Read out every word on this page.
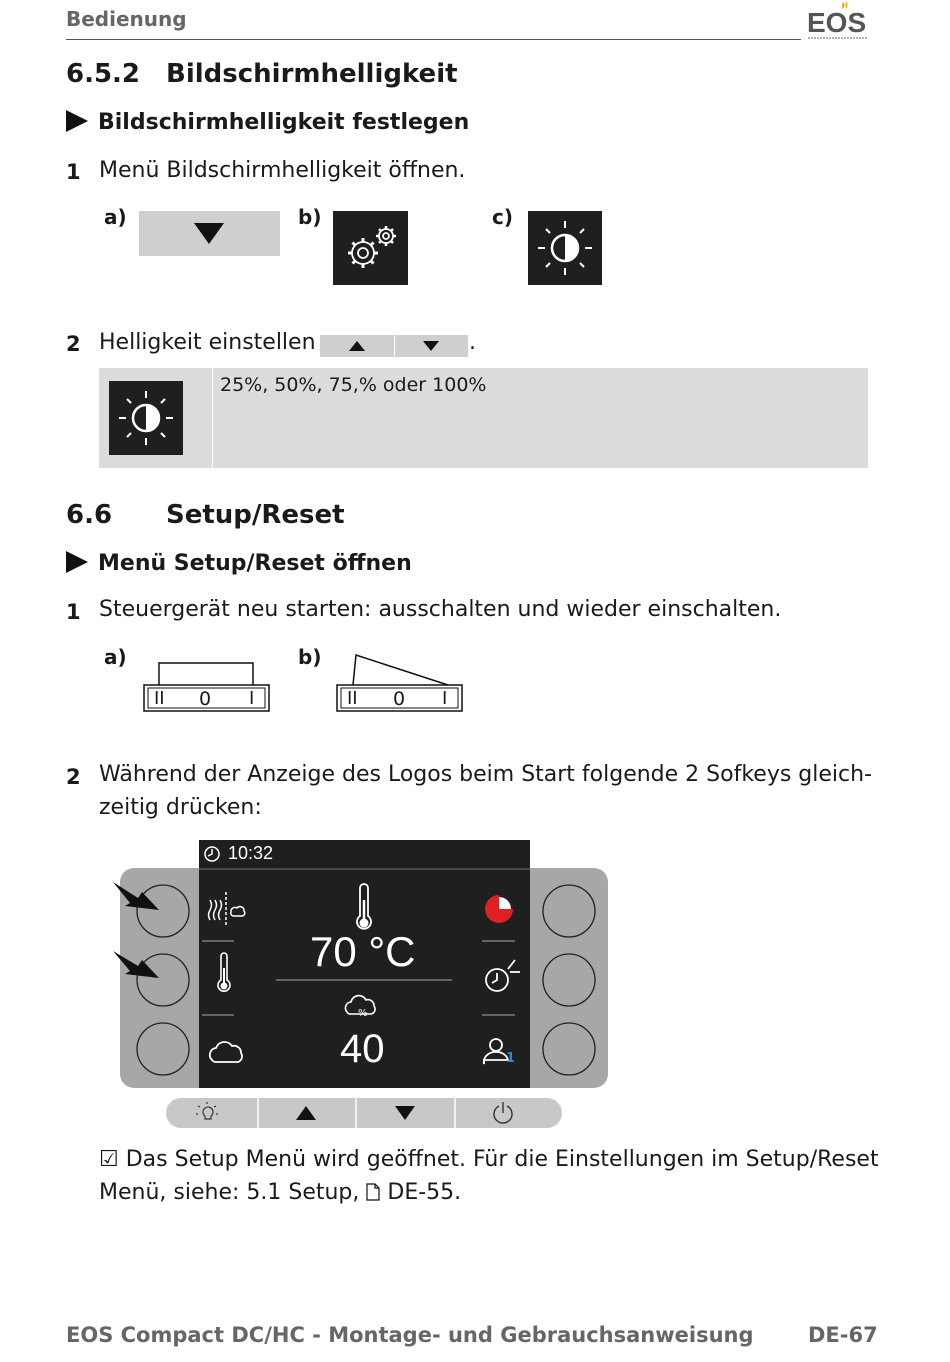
Bedienung	EOS
6.5.2 Bildschirmhelligkeit
Bildschirmhelligkeit festlegen
1 Menü Bildschirmhelligkeit öffnen.
a)	b)	c)
2 Helligkeit einstellen	.
25%, 50%, 75,% oder 100%
6.6 Setup/Reset
Menü Setup/Reset öffnen
1 Steuergerät neu starten: ausschalten und wieder einschalten.
a)
II 0 I
b)
II 0 I
2 Während der Anzeige des Logos beim Start folgende 2 Sofkeys gleich-
zeitig drücken:
10:32
70 °C
40
%
1
☑ Das Setup Menü wird geöffnet. Für die Einstellungen im Setup/Reset Menü, siehe: 5.1 Setup, DE-55.
EOS Compact DC/HC - Montage- und Gebrauchsanweisung	DE-67
